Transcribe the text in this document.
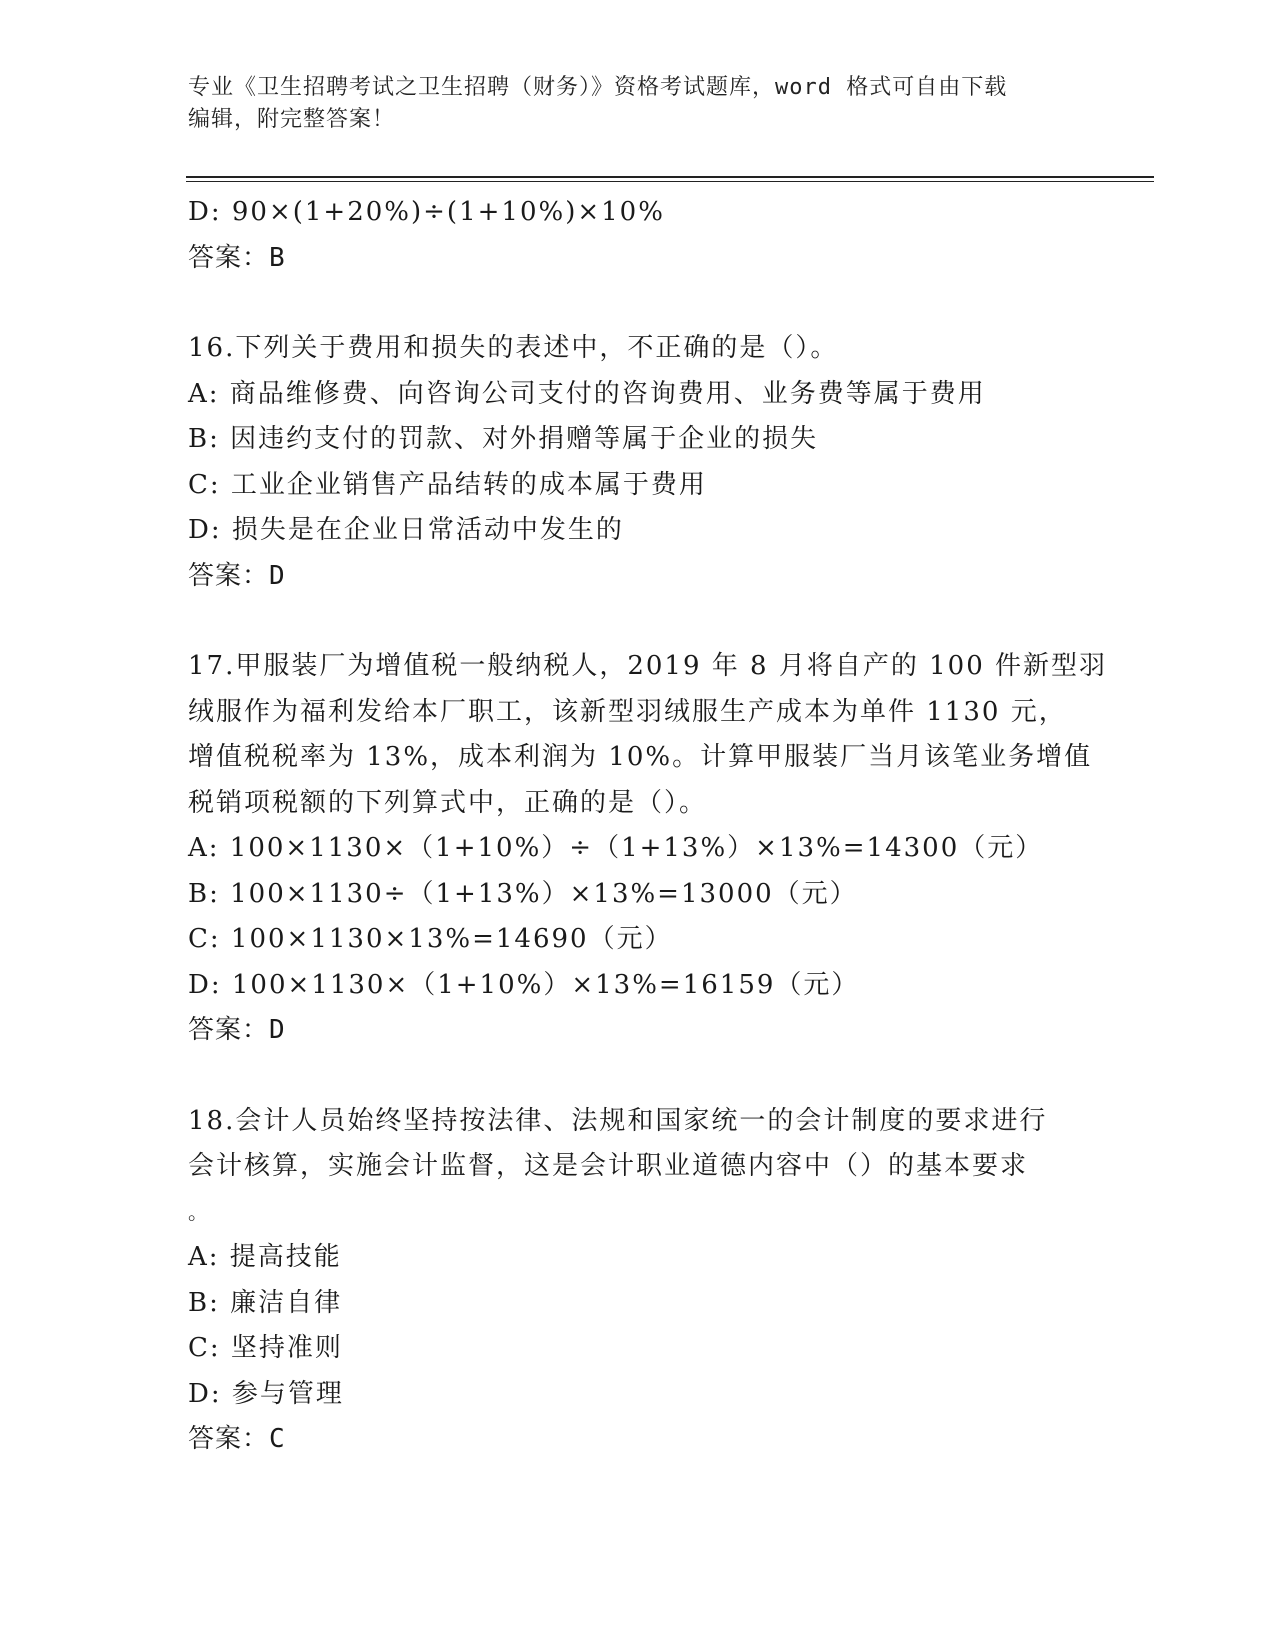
专业《卫生招聘考试之卫生招聘（财务）》资格考试题库，word 格式可自由下载
编辑，附完整答案！
D: 90×(1+20%)÷(1+10%)×10%
答案：B
16.下列关于费用和损失的表述中，不正确的是（）。
A: 商品维修费、向咨询公司支付的咨询费用、业务费等属于费用
B: 因违约支付的罚款、对外捐赠等属于企业的损失
C: 工业企业销售产品结转的成本属于费用
D: 损失是在企业日常活动中发生的
答案：D
17.甲服装厂为增值税一般纳税人，2019 年 8 月将自产的 100 件新型羽
绒服作为福利发给本厂职工，该新型羽绒服生产成本为单件 1130 元，
增值税税率为 13%，成本利润为 10%。计算甲服装厂当月该笔业务增值
税销项税额的下列算式中，正确的是（）。
A: 100×1130×（1+10%）÷（1+13%）×13%=14300（元）
B: 100×1130÷（1+13%）×13%=13000（元）
C: 100×1130×13%=14690（元）
D: 100×1130×（1+10%）×13%=16159（元）
答案：D
18.会计人员始终坚持按法律、法规和国家统一的会计制度的要求进行
会计核算，实施会计监督，这是会计职业道德内容中（）的基本要求
。
A: 提高技能
B: 廉洁自律
C: 坚持准则
D: 参与管理
答案：C
